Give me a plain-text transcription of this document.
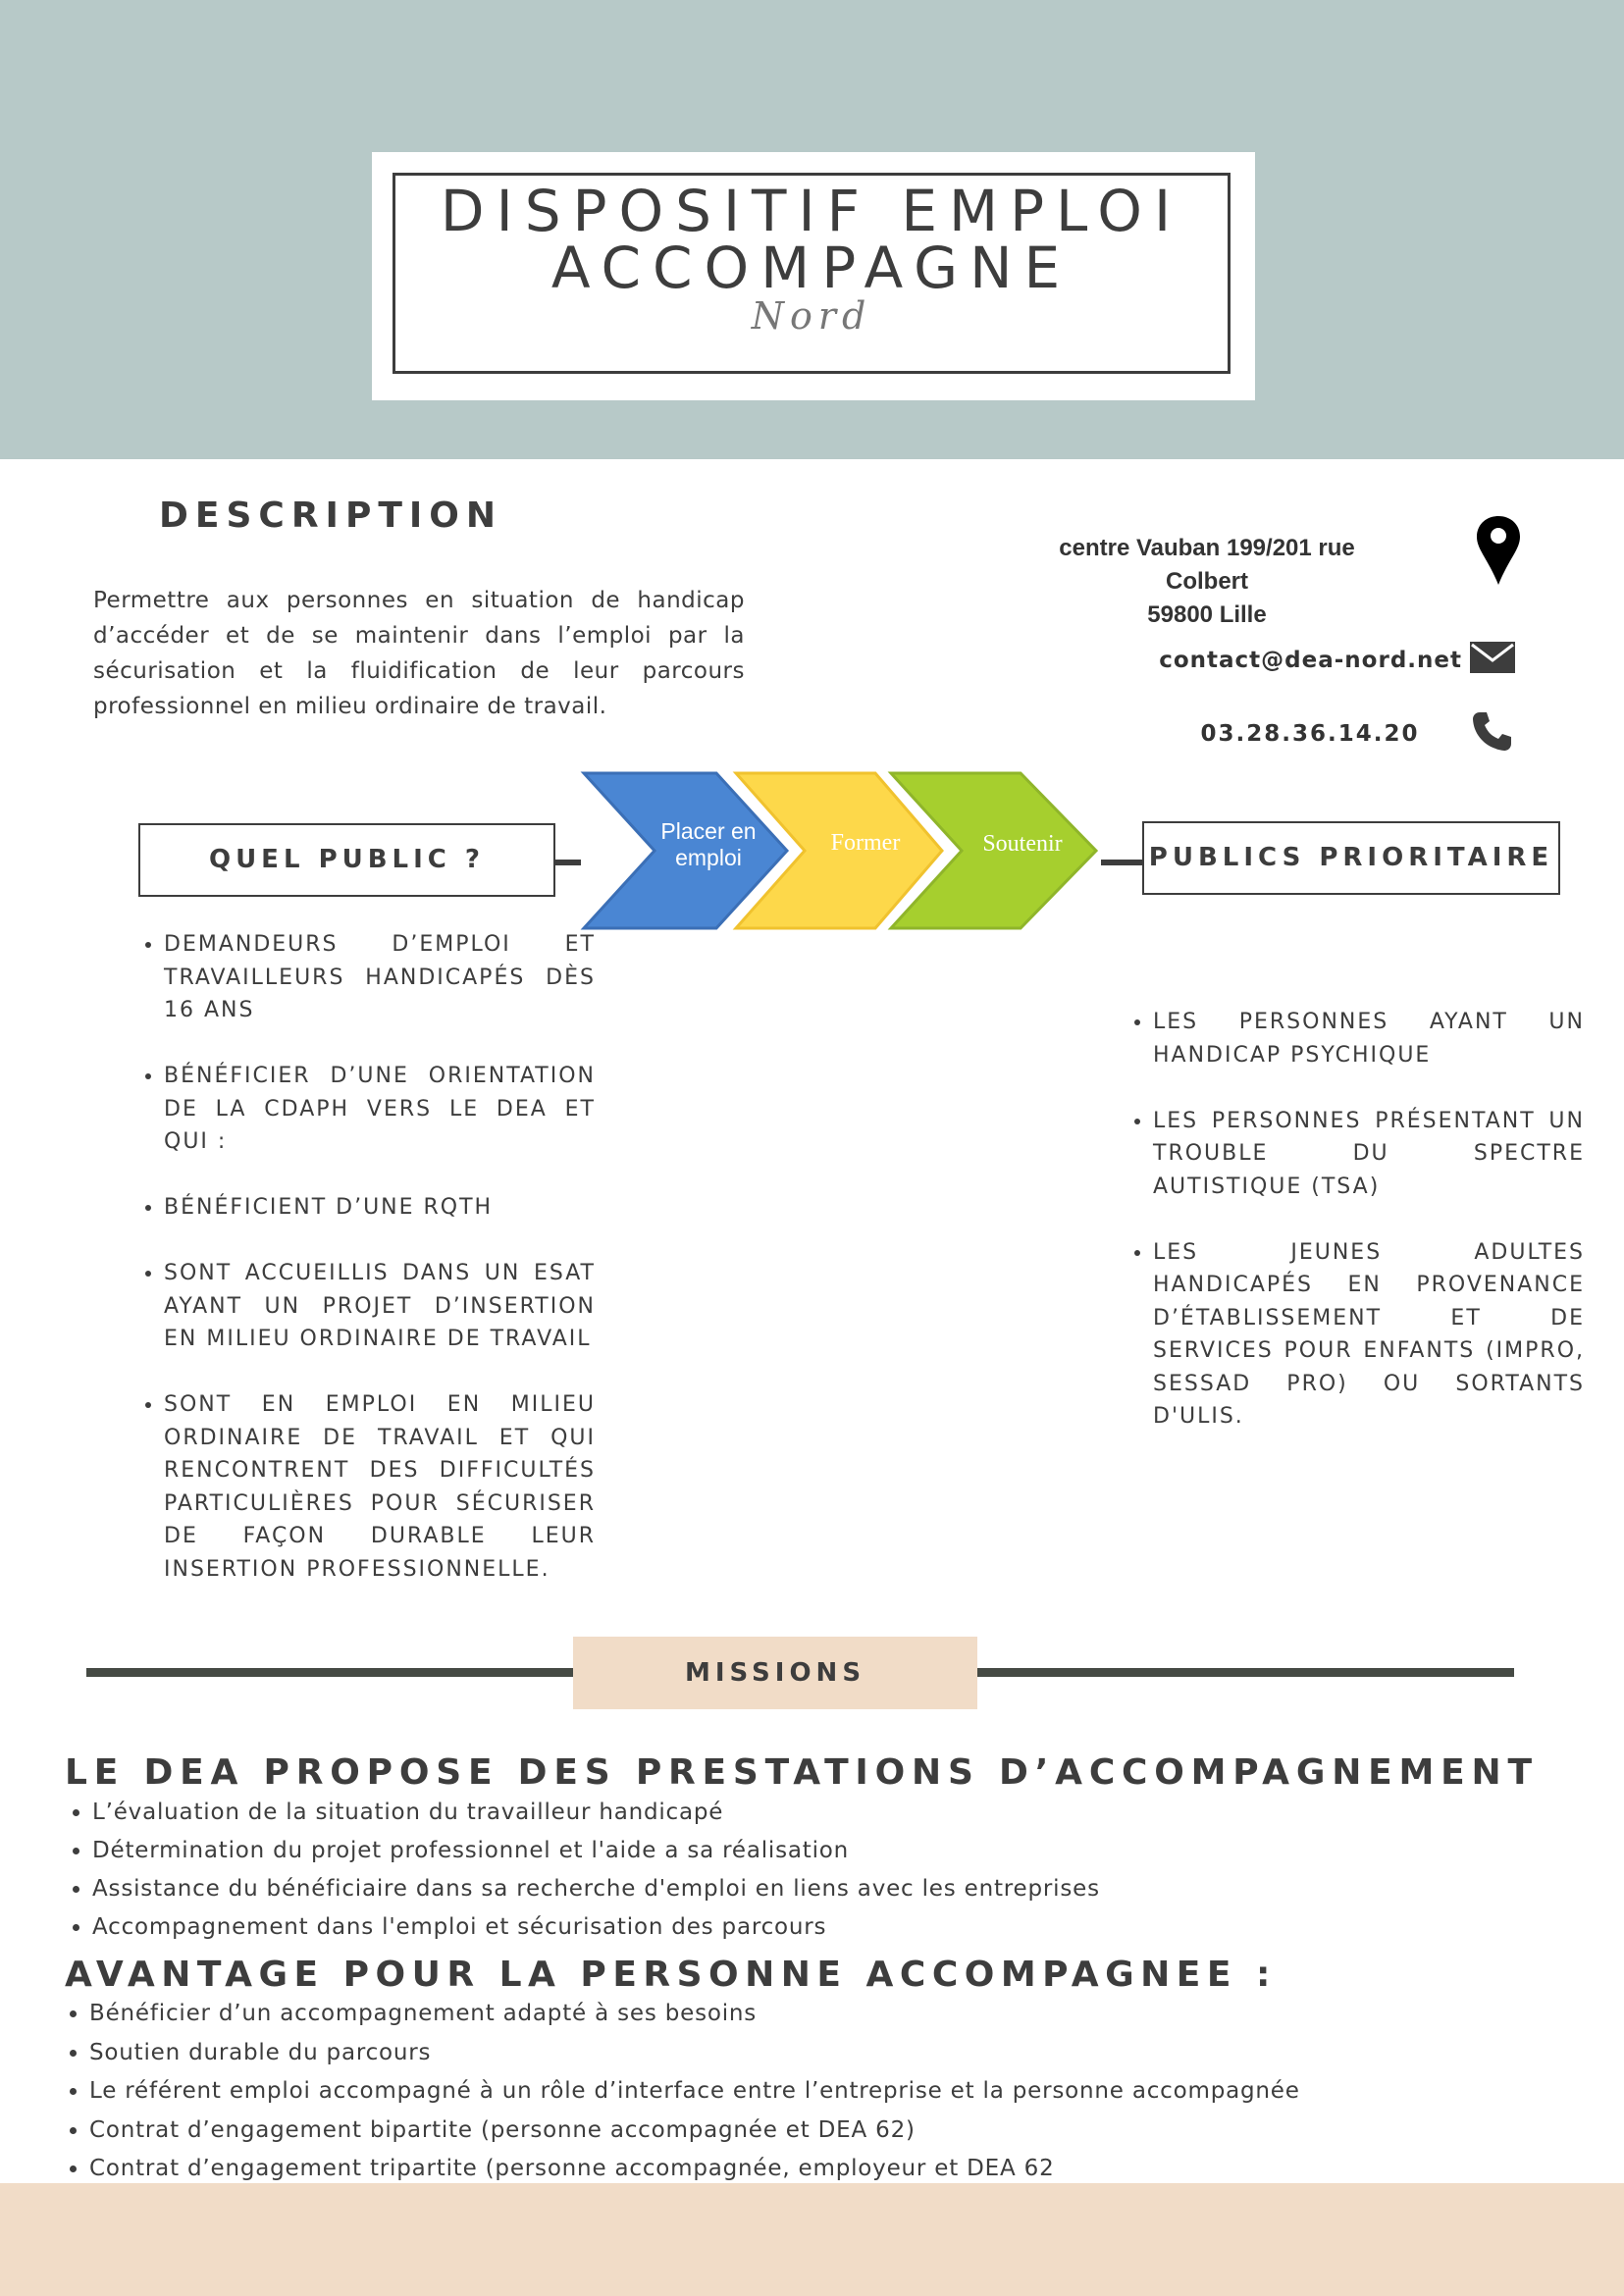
DISPOSITIF EMPLOI
ACCOMPAGNE
Nord
DESCRIPTION
Permettre aux personnes en situation de handicap d’accéder et de se maintenir dans l’emploi par la sécurisation et la fluidification de leur parcours professionnel en milieu ordinaire de travail.
centre Vauban 199/201 rue Colbert
59800 Lille
contact@dea-nord.net
03.28.36.14.20
QUEL PUBLIC ?	PUBLICS PRIORITAIRE
Placer en
emploi
Former	Soutenir
• DEMANDEURS D’EMPLOI ET TRAVAILLEURS HANDICAPÉS DÈS 16 ANS
• BÉNÉFICIER D’UNE ORIENTATION DE LA CDAPH VERS LE DEA ET QUI :
• BÉNÉFICIENT D’UNE RQTH
• SONT ACCUEILLIS DANS UN ESAT AYANT UN PROJET D’INSERTION EN MILIEU ORDINAIRE DE TRAVAIL
• SONT EN EMPLOI EN MILIEU ORDINAIRE DE TRAVAIL ET QUI RENCONTRENT DES DIFFICULTÉS PARTICULIÈRES POUR SÉCURISER DE FAÇON DURABLE LEUR INSERTION PROFESSIONNELLE.
• LES PERSONNES AYANT UN HANDICAP PSYCHIQUE
• LES PERSONNES PRÉSENTANT UN TROUBLE DU SPECTRE AUTISTIQUE (TSA)
• LES JEUNES ADULTES HANDICAPÉS EN PROVENANCE D’ÉTABLISSEMENT ET DE SERVICES POUR ENFANTS (IMPRO, SESSAD PRO) OU SORTANTS D'ULIS.
MISSIONS
LE DEA PROPOSE DES PRESTATIONS D’ACCOMPAGNEMENT
• L’évaluation de la situation du travailleur handicapé
• Détermination du projet professionnel et l'aide a sa réalisation
• Assistance du bénéficiaire dans sa recherche d'emploi en liens avec les entreprises
• Accompagnement dans l'emploi et sécurisation des parcours
AVANTAGE POUR LA PERSONNE ACCOMPAGNEE :
• Bénéficier d’un accompagnement adapté à ses besoins
• Soutien durable du parcours
• Le référent emploi accompagné à un rôle d’interface entre l’entreprise et la personne accompagnée
• Contrat d’engagement bipartite (personne accompagnée et DEA 62)
• Contrat d’engagement tripartite (personne accompagnée, employeur et DEA 62
